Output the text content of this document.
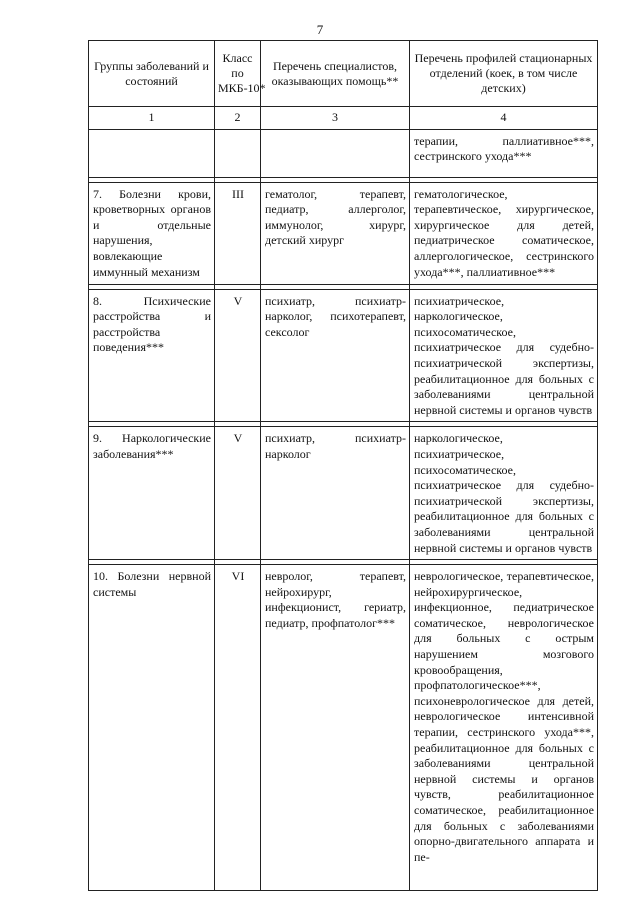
7
Группы заболеваний и состояний	Класс по МКБ-10*	Перечень специалистов, оказывающих помощь**	Перечень профилей стационарных отделений (коек, в том числе детских)
1	2	3	4
			терапии, паллиативное***, сестринского ухода***

7. Болезни крови, кроветворных органов и отдельные нарушения, вовлекающие иммунный механизм	III	гематолог, терапевт, педиатр, аллерголог, иммунолог, хирург, детский хирург	гематологическое, терапевтическое, хирургическое, хирургическое для детей, педиатрическое соматическое, аллергологическое, сестринского ухода***, паллиативное***

8. Психические расстройства и расстройства поведения***	V	психиатр, психиатр-нарколог, психотерапевт, сексолог	психиатрическое, наркологическое, психосоматическое, психиатрическое для судебно-психиатрической экспертизы, реабилитационное для больных с заболеваниями центральной нервной системы и органов чувств

9. Наркологические заболевания***	V	психиатр, психиатр-нарколог	наркологическое, психиатрическое, психосоматическое, психиатрическое для судебно-психиатрической экспертизы, реабилитационное для больных с заболеваниями центральной нервной системы и органов чувств

10. Болезни нервной системы	VI	невролог, терапевт, нейрохирург, инфекционист, гериатр, педиатр, профпатолог***	неврологическое, терапевтическое, нейрохирургическое, инфекционное, педиатрическое соматическое, неврологическое для больных с острым нарушением мозгового кровообращения, профпатологическое***, психоневрологическое для детей, неврологическое интенсивной терапии, сестринского ухода***, реабилитационное для больных с заболеваниями центральной нервной системы и органов чувств, реабилитационное соматическое, реабилитационное для больных с заболеваниями опорно-двигательного аппарата и пе-
